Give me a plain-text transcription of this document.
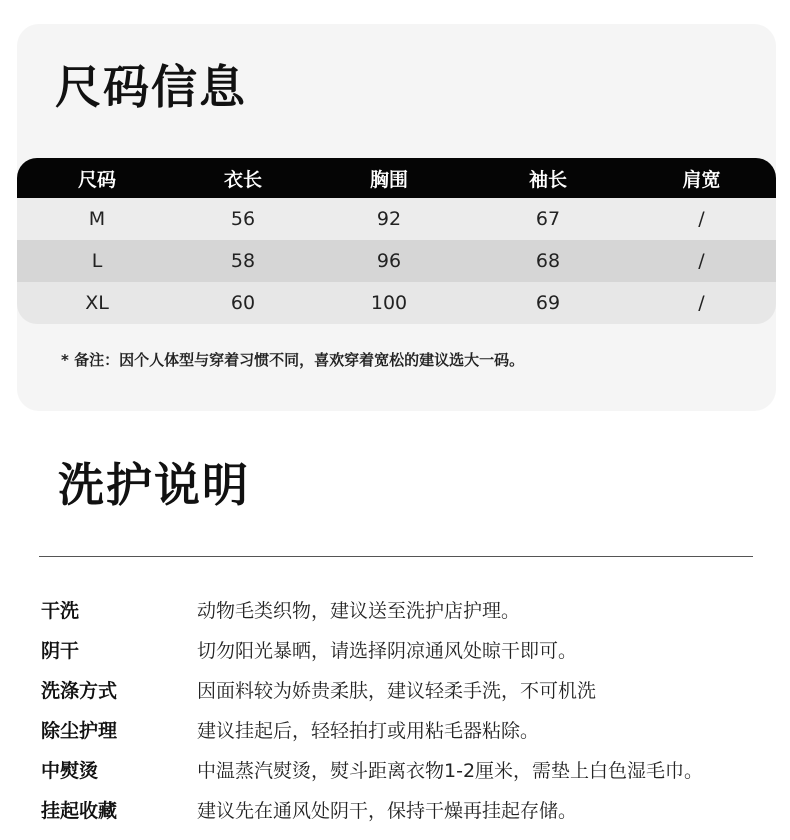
尺码信息
尺码	衣长	胸围	袖长	肩宽
M	56	92	67	/
L	58	96	68	/
XL	60	100	69	/
* 备注：因个人体型与穿着习惯不同，喜欢穿着宽松的建议选大一码。
洗护说明
干洗	动物毛类织物，建议送至洗护店护理。
阴干	切勿阳光暴晒，请选择阴凉通风处晾干即可。
洗涤方式	因面料较为娇贵柔肤，建议轻柔手洗，不可机洗
除尘护理	建议挂起后，轻轻拍打或用粘毛器粘除。
中熨烫	中温蒸汽熨烫，熨斗距离衣物1-2厘米，需垫上白色湿毛巾。
挂起收藏	建议先在通风处阴干，保持干燥再挂起存储。
